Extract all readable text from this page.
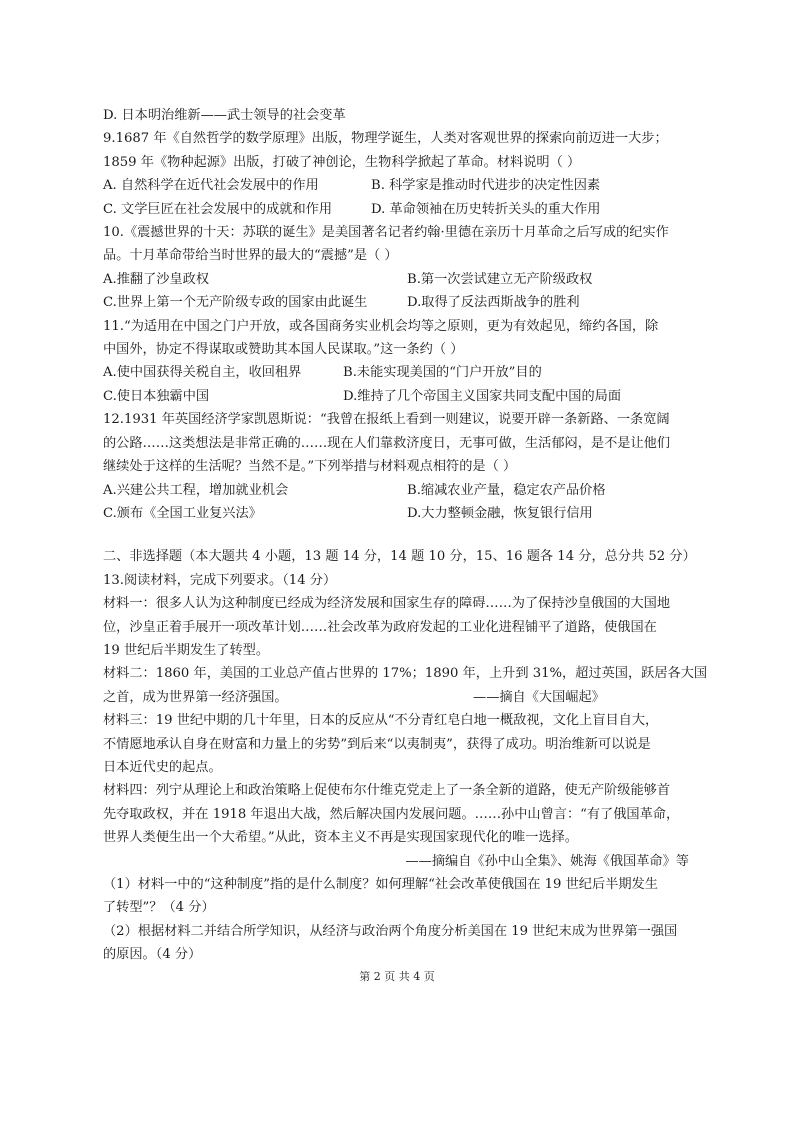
D. 日本明治维新——武士领导的社会变革
9.1687 年《自然哲学的数学原理》出版，物理学诞生，人类对客观世界的探索向前迈进一大步；
1859 年《物种起源》出版，打破了神创论，生物科学掀起了革命。材料说明（ ）
A. 自然科学在近代社会发展中的作用	B. 科学家是推动时代进步的决定性因素
C. 文学巨匠在社会发展中的成就和作用	D. 革命领袖在历史转折关头的重大作用
10.《震撼世界的十天：苏联的诞生》是美国著名记者约翰·里德在亲历十月革命之后写成的纪实作
品。十月革命带给当时世界的最大的“震撼”是（ ）
A.推翻了沙皇政权	B.第一次尝试建立无产阶级政权
C.世界上第一个无产阶级专政的国家由此诞生	D.取得了反法西斯战争的胜利
11.“为适用在中国之门户开放，或各国商务实业机会均等之原则，更为有效起见，缔约各国，除
中国外，协定不得谋取或赞助其本国人民谋取。”这一条约（ ）
A.使中国获得关税自主，收回租界	B.未能实现美国的“门户开放”目的
C.使日本独霸中国	D.维持了几个帝国主义国家共同支配中国的局面
12.1931 年英国经济学家凯恩斯说：“我曾在报纸上看到一则建议，说要开辟一条新路、一条宽阔
的公路……这类想法是非常正确的……现在人们靠救济度日，无事可做，生活郁闷，是不是让他们
继续处于这样的生活呢？当然不是。”下列举措与材料观点相符的是（ ）
A.兴建公共工程，增加就业机会	B.缩减农业产量，稳定农产品价格
C.颁布《全国工业复兴法》	D.大力整顿金融，恢复银行信用
二、非选择题（本大题共 4 小题，13 题 14 分，14 题 10 分，15、16 题各 14 分，总分共 52 分）
13.阅读材料，完成下列要求。（14 分）
材料一：很多人认为这种制度已经成为经济发展和国家生存的障碍……为了保持沙皇俄国的大国地
位，沙皇正着手展开一项改革计划……社会改革为政府发起的工业化进程铺平了道路，使俄国在
19 世纪后半期发生了转型。
材料二：1860 年，美国的工业总产值占世界的 17%；1890 年，上升到 31%，超过英国，跃居各大国
之首，成为世界第一经济强国。	——摘自《大国崛起》
材料三：19 世纪中期的几十年里，日本的反应从“不分青红皂白地一概敌视，文化上盲目自大，
不情愿地承认自身在财富和力量上的劣势”到后来“以夷制夷”，获得了成功。明治维新可以说是
日本近代史的起点。
材料四：列宁从理论上和政治策略上促使布尔什维克党走上了一条全新的道路，使无产阶级能够首
先夺取政权，并在 1918 年退出大战，然后解决国内发展问题。……孙中山曾言：“有了俄国革命，
世界人类便生出一个大希望。”从此，资本主义不再是实现国家现代化的唯一选择。
——摘编自《孙中山全集》、姚海《俄国革命》等
（1）材料一中的“这种制度”指的是什么制度？如何理解“社会改革使俄国在 19 世纪后半期发生
了转型”？（4 分）
（2）根据材料二并结合所学知识，从经济与政治两个角度分析美国在 19 世纪末成为世界第一强国
的原因。（4 分）
第 2 页 共 4 页
